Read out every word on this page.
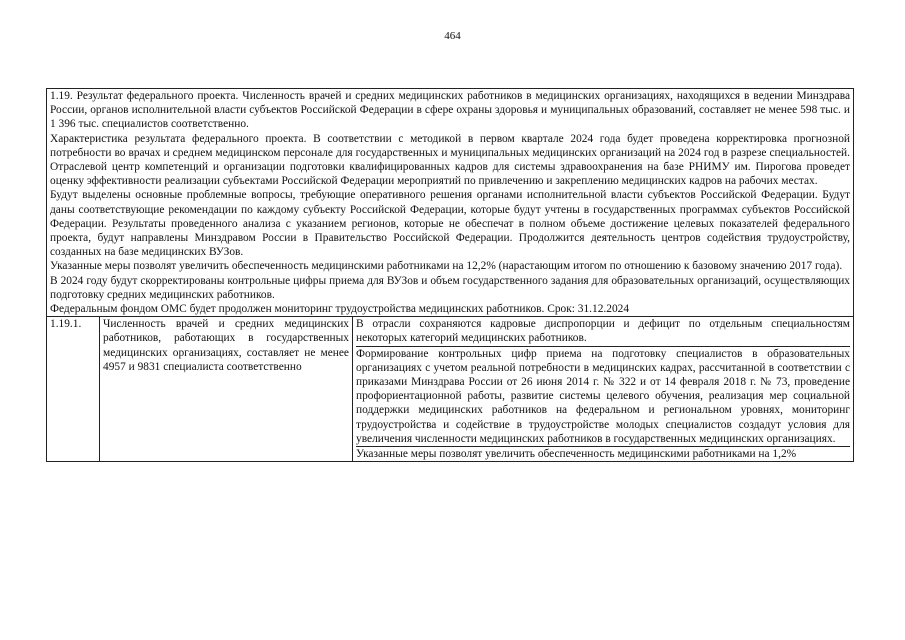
464

1.19. Результат федерального проекта. Численность врачей и средних медицинских работников в медицинских организациях, находящихся в ведении Минздрава России, органов исполнительной власти субъектов Российской Федерации в сфере охраны здоровья и муниципальных образований, составляет не менее 598 тыс. и 1 396 тыс. специалистов соответственно.

Характеристика результата федерального проекта. В соответствии с методикой в первом квартале 2024 года будет проведена корректировка прогнозной потребности во врачах и среднем медицинском персонале для государственных и муниципальных медицинских организаций на 2024 год в разрезе специальностей. Отраслевой центр компетенций и организации подготовки квалифицированных кадров для системы здравоохранения на базе РНИМУ им. Пирогова проведет оценку эффективности реализации субъектами Российской Федерации мероприятий по привлечению и закреплению медицинских кадров на рабочих местах.

Будут выделены основные проблемные вопросы, требующие оперативного решения органами исполнительной власти субъектов Российской Федерации. Будут даны соответствующие рекомендации по каждому субъекту Российской Федерации, которые будут учтены в государственных программах субъектов Российской Федерации. Результаты проведенного анализа с указанием регионов, которые не обеспечат в полном объеме достижение целевых показателей федерального проекта, будут направлены Минздравом России в Правительство Российской Федерации. Продолжится деятельность центров содействия трудоустройству, созданных на базе медицинских ВУЗов.

Указанные меры позволят увеличить обеспеченность медицинскими работниками на 12,2% (нарастающим итогом по отношению к базовому значению 2017 года).

В 2024 году будут скорректированы контрольные цифры приема для ВУЗов и объем государственного задания для образовательных организаций, осуществляющих подготовку средних медицинских работников.

Федеральным фондом ОМС будет продолжен мониторинг трудоустройства медицинских работников. Срок: 31.12.2024

1.19.1.	Численность врачей и средних медицинских работников, работающих в государственных медицинских организациях, составляет не менее 4957 и 9831 специалиста соответственно

В отрасли сохраняются кадровые диспропорции и дефицит по отдельным специальностям некоторых категорий медицинских работников.

Формирование контрольных цифр приема на подготовку специалистов в образовательных организациях с учетом реальной потребности в медицинских кадрах, рассчитанной в соответствии с приказами Минздрава России от 26 июня 2014 г. № 322 и от 14 февраля 2018 г. № 73, проведение профориентационной работы, развитие системы целевого обучения, реализация мер социальной поддержки медицинских работников на федеральном и региональном уровнях, мониторинг трудоустройства и содействие в трудоустройстве молодых специалистов создадут условия для увеличения численности медицинских работников в государственных медицинских организациях.

Указанные меры позволят увеличить обеспеченность медицинскими работниками на 1,2%
